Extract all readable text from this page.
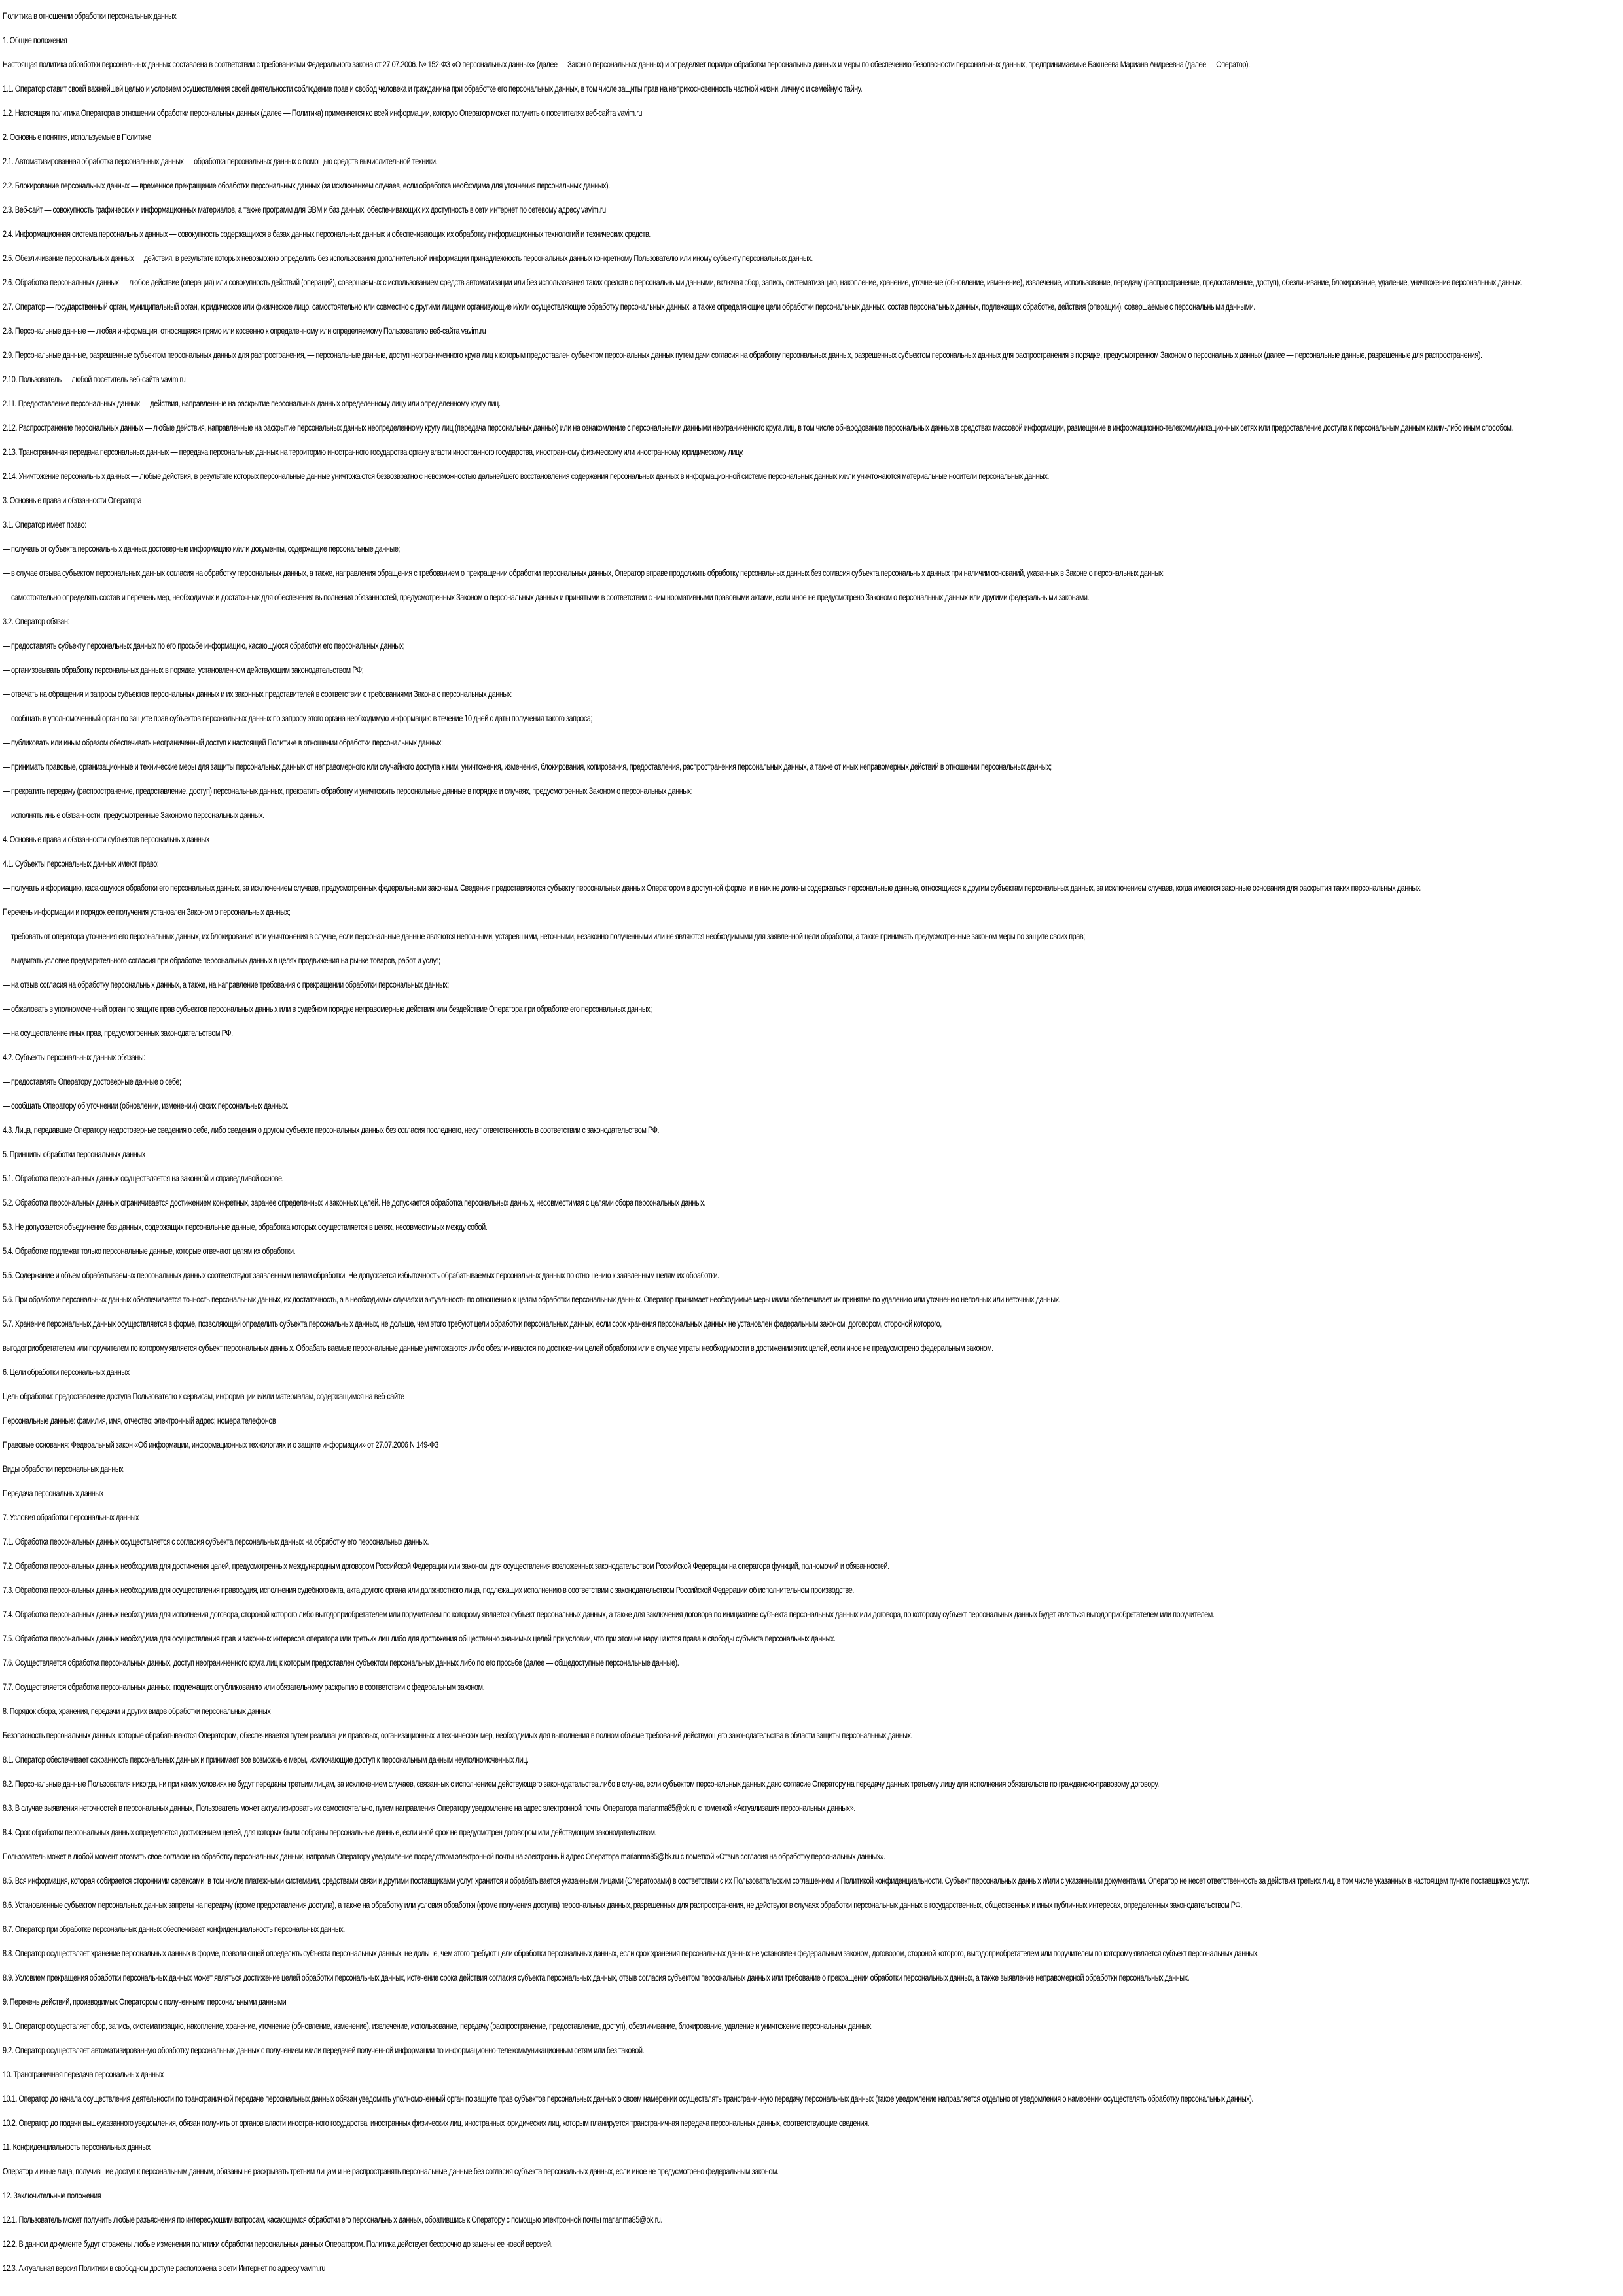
Политика в отношении обработки персональных данных
1. Общие положения
Настоящая политика обработки персональных данных составлена в соответствии с требованиями Федерального закона от 27.07.2006. № 152-ФЗ «О персональных данных» (далее — Закон о персональных данных) и определяет порядок обработки персональных данных и меры по обеспечению безопасности персональных данных, предпринимаемые Бакшеева Мариана Андреевна (далее — Оператор).
1.1. Оператор ставит своей важнейшей целью и условием осуществления своей деятельности соблюдение прав и свобод человека и гражданина при обработке его персональных данных, в том числе защиты прав на неприкосновенность частной жизни, личную и семейную тайну.
1.2. Настоящая политика Оператора в отношении обработки персональных данных (далее — Политика) применяется ко всей информации, которую Оператор может получить о посетителях веб-сайта vavim.ru
2. Основные понятия, используемые в Политике
2.1. Автоматизированная обработка персональных данных — обработка персональных данных с помощью средств вычислительной техники.
2.2. Блокирование персональных данных — временное прекращение обработки персональных данных (за исключением случаев, если обработка необходима для уточнения персональных данных).
2.3. Веб-сайт — совокупность графических и информационных материалов, а также программ для ЭВМ и баз данных, обеспечивающих их доступность в сети интернет по сетевому адресу vavim.ru
2.4. Информационная система персональных данных — совокупность содержащихся в базах данных персональных данных и обеспечивающих их обработку информационных технологий и технических средств.
2.5. Обезличивание персональных данных — действия, в результате которых невозможно определить без использования дополнительной информации принадлежность персональных данных конкретному Пользователю или иному субъекту персональных данных.
2.6. Обработка персональных данных — любое действие (операция) или совокупность действий (операций), совершаемых с использованием средств автоматизации или без использования таких средств с персональными данными, включая сбор, запись, систематизацию, накопление, хранение, уточнение (обновление, изменение), извлечение, использование, передачу (распространение, предоставление, доступ), обезличивание, блокирование, удаление, уничтожение персональных данных.
2.7. Оператор — государственный орган, муниципальный орган, юридическое или физическое лицо, самостоятельно или совместно с другими лицами организующие и/или осуществляющие обработку персональных данных, а также определяющие цели обработки персональных данных, состав персональных данных, подлежащих обработке, действия (операции), совершаемые с персональными данными.
2.8. Персональные данные — любая информация, относящаяся прямо или косвенно к определенному или определяемому Пользователю веб-сайта vavim.ru
2.9. Персональные данные, разрешенные субъектом персональных данных для распространения, — персональные данные, доступ неограниченного круга лиц к которым предоставлен субъектом персональных данных путем дачи согласия на обработку персональных данных, разрешенных субъектом персональных данных для распространения в порядке, предусмотренном Законом о персональных данных (далее — персональные данные, разрешенные для распространения).
2.10. Пользователь — любой посетитель веб-сайта vavim.ru
2.11. Предоставление персональных данных — действия, направленные на раскрытие персональных данных определенному лицу или определенному кругу лиц.
2.12. Распространение персональных данных — любые действия, направленные на раскрытие персональных данных неопределенному кругу лиц (передача персональных данных) или на ознакомление с персональными данными неограниченного круга лиц, в том числе обнародование персональных данных в средствах массовой информации, размещение в информационно-телекоммуникационных сетях или предоставление доступа к персональным данным каким-либо иным способом.
2.13. Трансграничная передача персональных данных — передача персональных данных на территорию иностранного государства органу власти иностранного государства, иностранному физическому или иностранному юридическому лицу.
2.14. Уничтожение персональных данных — любые действия, в результате которых персональные данные уничтожаются безвозвратно с невозможностью дальнейшего восстановления содержания персональных данных в информационной системе персональных данных и/или уничтожаются материальные носители персональных данных.
3. Основные права и обязанности Оператора
3.1. Оператор имеет право:
— получать от субъекта персональных данных достоверные информацию и/или документы, содержащие персональные данные;
— в случае отзыва субъектом персональных данных согласия на обработку персональных данных, а также, направления обращения с требованием о прекращении обработки персональных данных, Оператор вправе продолжить обработку персональных данных без согласия субъекта персональных данных при наличии оснований, указанных в Законе о персональных данных;
— самостоятельно определять состав и перечень мер, необходимых и достаточных для обеспечения выполнения обязанностей, предусмотренных Законом о персональных данных и принятыми в соответствии с ним нормативными правовыми актами, если иное не предусмотрено Законом о персональных данных или другими федеральными законами.
3.2. Оператор обязан:
— предоставлять субъекту персональных данных по его просьбе информацию, касающуюся обработки его персональных данных;
— организовывать обработку персональных данных в порядке, установленном действующим законодательством РФ;
— отвечать на обращения и запросы субъектов персональных данных и их законных представителей в соответствии с требованиями Закона о персональных данных;
— сообщать в уполномоченный орган по защите прав субъектов персональных данных по запросу этого органа необходимую информацию в течение 10 дней с даты получения такого запроса;
— публиковать или иным образом обеспечивать неограниченный доступ к настоящей Политике в отношении обработки персональных данных;
— принимать правовые, организационные и технические меры для защиты персональных данных от неправомерного или случайного доступа к ним, уничтожения, изменения, блокирования, копирования, предоставления, распространения персональных данных, а также от иных неправомерных действий в отношении персональных данных;
— прекратить передачу (распространение, предоставление, доступ) персональных данных, прекратить обработку и уничтожить персональные данные в порядке и случаях, предусмотренных Законом о персональных данных;
— исполнять иные обязанности, предусмотренные Законом о персональных данных.
4. Основные права и обязанности субъектов персональных данных
4.1. Субъекты персональных данных имеют право:
— получать информацию, касающуюся обработки его персональных данных, за исключением случаев, предусмотренных федеральными законами. Сведения предоставляются субъекту персональных данных Оператором в доступной форме, и в них не должны содержаться персональные данные, относящиеся к другим субъектам персональных данных, за исключением случаев, когда имеются законные основания для раскрытия таких персональных данных.
Перечень информации и порядок ее получения установлен Законом о персональных данных;
— требовать от оператора уточнения его персональных данных, их блокирования или уничтожения в случае, если персональные данные являются неполными, устаревшими, неточными, незаконно полученными или не являются необходимыми для заявленной цели обработки, а также принимать предусмотренные законом меры по защите своих прав;
— выдвигать условие предварительного согласия при обработке персональных данных в целях продвижения на рынке товаров, работ и услуг;
— на отзыв согласия на обработку персональных данных, а также, на направление требования о прекращении обработки персональных данных;
— обжаловать в уполномоченный орган по защите прав субъектов персональных данных или в судебном порядке неправомерные действия или бездействие Оператора при обработке его персональных данных;
— на осуществление иных прав, предусмотренных законодательством РФ.
4.2. Субъекты персональных данных обязаны:
— предоставлять Оператору достоверные данные о себе;
— сообщать Оператору об уточнении (обновлении, изменении) своих персональных данных.
4.3. Лица, передавшие Оператору недостоверные сведения о себе, либо сведения о другом субъекте персональных данных без согласия последнего, несут ответственность в соответствии с законодательством РФ.
5. Принципы обработки персональных данных
5.1. Обработка персональных данных осуществляется на законной и справедливой основе.
5.2. Обработка персональных данных ограничивается достижением конкретных, заранее определенных и законных целей. Не допускается обработка персональных данных, несовместимая с целями сбора персональных данных.
5.3. Не допускается объединение баз данных, содержащих персональные данные, обработка которых осуществляется в целях, несовместимых между собой.
5.4. Обработке подлежат только персональные данные, которые отвечают целям их обработки.
5.5. Содержание и объем обрабатываемых персональных данных соответствуют заявленным целям обработки. Не допускается избыточность обрабатываемых персональных данных по отношению к заявленным целям их обработки.
5.6. При обработке персональных данных обеспечивается точность персональных данных, их достаточность, а в необходимых случаях и актуальность по отношению к целям обработки персональных данных. Оператор принимает необходимые меры и/или обеспечивает их принятие по удалению или уточнению неполных или неточных данных.
5.7. Хранение персональных данных осуществляется в форме, позволяющей определить субъекта персональных данных, не дольше, чем этого требуют цели обработки персональных данных, если срок хранения персональных данных не установлен федеральным законом, договором, стороной которого,
выгодоприобретателем или поручителем по которому является субъект персональных данных. Обрабатываемые персональные данные уничтожаются либо обезличиваются по достижении целей обработки или в случае утраты необходимости в достижении этих целей, если иное не предусмотрено федеральным законом.
6. Цели обработки персональных данных
Цель обработки: предоставление доступа Пользователю к сервисам, информации и/или материалам, содержащимся на веб-сайте
Персональные данные: фамилия, имя, отчество; электронный адрес; номера телефонов
Правовые основания: Федеральный закон «Об информации, информационных технологиях и о защите информации» от 27.07.2006 N 149-ФЗ
Виды обработки персональных данных
Передача персональных данных
7. Условия обработки персональных данных
7.1. Обработка персональных данных осуществляется с согласия субъекта персональных данных на обработку его персональных данных.
7.2. Обработка персональных данных необходима для достижения целей, предусмотренных международным договором Российской Федерации или законом, для осуществления возложенных законодательством Российской Федерации на оператора функций, полномочий и обязанностей.
7.3. Обработка персональных данных необходима для осуществления правосудия, исполнения судебного акта, акта другого органа или должностного лица, подлежащих исполнению в соответствии с законодательством Российской Федерации об исполнительном производстве.
7.4. Обработка персональных данных необходима для исполнения договора, стороной которого либо выгодоприобретателем или поручителем по которому является субъект персональных данных, а также для заключения договора по инициативе субъекта персональных данных или договора, по которому субъект персональных данных будет являться выгодоприобретателем или поручителем.
7.5. Обработка персональных данных необходима для осуществления прав и законных интересов оператора или третьих лиц либо для достижения общественно значимых целей при условии, что при этом не нарушаются права и свободы субъекта персональных данных.
7.6. Осуществляется обработка персональных данных, доступ неограниченного круга лиц к которым предоставлен субъектом персональных данных либо по его просьбе (далее — общедоступные персональные данные).
7.7. Осуществляется обработка персональных данных, подлежащих опубликованию или обязательному раскрытию в соответствии с федеральным законом.
8. Порядок сбора, хранения, передачи и других видов обработки персональных данных
Безопасность персональных данных, которые обрабатываются Оператором, обеспечивается путем реализации правовых, организационных и технических мер, необходимых для выполнения в полном объеме требований действующего законодательства в области защиты персональных данных.
8.1. Оператор обеспечивает сохранность персональных данных и принимает все возможные меры, исключающие доступ к персональным данным неуполномоченных лиц.
8.2. Персональные данные Пользователя никогда, ни при каких условиях не будут переданы третьим лицам, за исключением случаев, связанных с исполнением действующего законодательства либо в случае, если субъектом персональных данных дано согласие Оператору на передачу данных третьему лицу для исполнения обязательств по гражданско-правовому договору.
8.3. В случае выявления неточностей в персональных данных, Пользователь может актуализировать их самостоятельно, путем направления Оператору уведомление на адрес электронной почты Оператора marianma85@bk.ru с пометкой «Актуализация персональных данных».
8.4. Срок обработки персональных данных определяется достижением целей, для которых были собраны персональные данные, если иной срок не предусмотрен договором или действующим законодательством.
Пользователь может в любой момент отозвать свое согласие на обработку персональных данных, направив Оператору уведомление посредством электронной почты на электронный адрес Оператора marianma85@bk.ru с пометкой «Отзыв согласия на обработку персональных данных».
8.5. Вся информация, которая собирается сторонними сервисами, в том числе платежными системами, средствами связи и другими поставщиками услуг, хранится и обрабатывается указанными лицами (Операторами) в соответствии с их Пользовательским соглашением и Политикой конфиденциальности. Субъект персональных данных и/или с указанными документами. Оператор не несет ответственность за действия третьих лиц, в том числе указанных в настоящем пункте поставщиков услуг.
8.6. Установленные субъектом персональных данных запреты на передачу (кроме предоставления доступа), а также на обработку или условия обработки (кроме получения доступа) персональных данных, разрешенных для распространения, не действуют в случаях обработки персональных данных в государственных, общественных и иных публичных интересах, определенных законодательством РФ.
8.7. Оператор при обработке персональных данных обеспечивает конфиденциальность персональных данных.
8.8. Оператор осуществляет хранение персональных данных в форме, позволяющей определить субъекта персональных данных, не дольше, чем этого требуют цели обработки персональных данных, если срок хранения персональных данных не установлен федеральным законом, договором, стороной которого, выгодоприобретателем или поручителем по которому является субъект персональных данных.
8.9. Условием прекращения обработки персональных данных может являться достижение целей обработки персональных данных, истечение срока действия согласия субъекта персональных данных, отзыв согласия субъектом персональных данных или требование о прекращении обработки персональных данных, а также выявление неправомерной обработки персональных данных.
9. Перечень действий, производимых Оператором с полученными персональными данными
9.1. Оператор осуществляет сбор, запись, систематизацию, накопление, хранение, уточнение (обновление, изменение), извлечение, использование, передачу (распространение, предоставление, доступ), обезличивание, блокирование, удаление и уничтожение персональных данных.
9.2. Оператор осуществляет автоматизированную обработку персональных данных с получением и/или передачей полученной информации по информационно-телекоммуникационным сетям или без таковой.
10. Трансграничная передача персональных данных
10.1. Оператор до начала осуществления деятельности по трансграничной передаче персональных данных обязан уведомить уполномоченный орган по защите прав субъектов персональных данных о своем намерении осуществлять трансграничную передачу персональных данных (такое уведомление направляется отдельно от уведомления о намерении осуществлять обработку персональных данных).
10.2. Оператор до подачи вышеуказанного уведомления, обязан получить от органов власти иностранного государства, иностранных физических лиц, иностранных юридических лиц, которым планируется трансграничная передача персональных данных, соответствующие сведения.
11. Конфиденциальность персональных данных
Оператор и иные лица, получившие доступ к персональным данным, обязаны не раскрывать третьим лицам и не распространять персональные данные без согласия субъекта персональных данных, если иное не предусмотрено федеральным законом.
12. Заключительные положения
12.1. Пользователь может получить любые разъяснения по интересующим вопросам, касающимся обработки его персональных данных, обратившись к Оператору с помощью электронной почты marianma85@bk.ru.
12.2. В данном документе будут отражены любые изменения политики обработки персональных данных Оператором. Политика действует бессрочно до замены ее новой версией.
12.3. Актуальная версия Политики в свободном доступе расположена в сети Интернет по адресу vavim.ru
